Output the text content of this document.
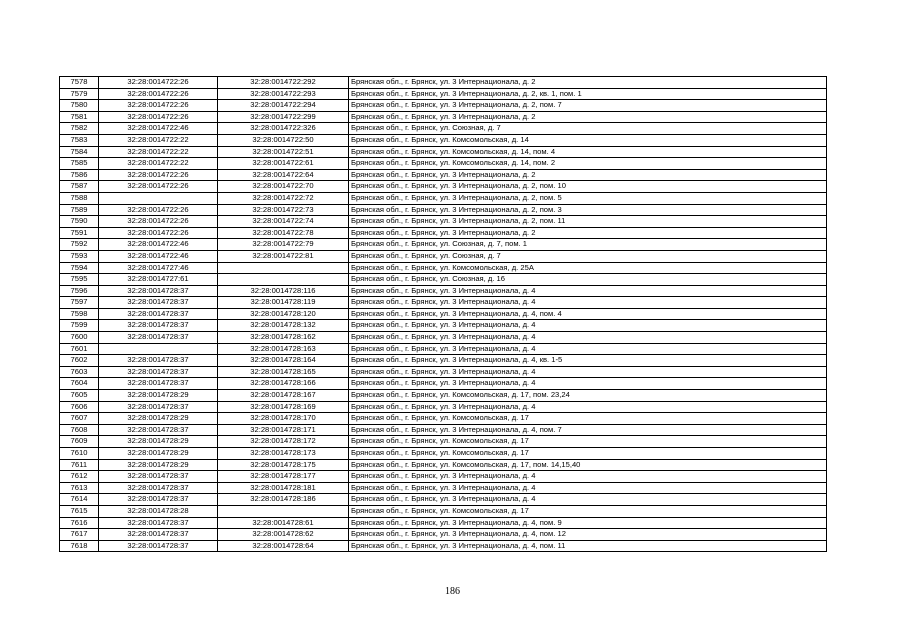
7578	32:28:0014722:26	32:28:0014722:292	Брянская обл., г. Брянск, ул. 3 Интернационала, д. 2
7579	32:28:0014722:26	32:28:0014722:293	Брянская обл., г. Брянск, ул. 3 Интернационала, д. 2, кв. 1, пом. 1
7580	32:28:0014722:26	32:28:0014722:294	Брянская обл., г. Брянск, ул. 3 Интернационала, д. 2, пом. 7
7581	32:28:0014722:26	32:28:0014722:299	Брянская обл., г. Брянск, ул. 3 Интернационала, д. 2
7582	32:28:0014722:46	32:28:0014722:326	Брянская обл., г. Брянск, ул. Союзная, д. 7
7583	32:28:0014722:22	32:28:0014722:50	Брянская обл., г. Брянск, ул. Комсомольская, д. 14
7584	32:28:0014722:22	32:28:0014722:51	Брянская обл., г. Брянск, ул. Комсомольская, д. 14, пом. 4
7585	32:28:0014722:22	32:28:0014722:61	Брянская обл., г. Брянск, ул. Комсомольская, д. 14, пом. 2
7586	32:28:0014722:26	32:28:0014722:64	Брянская обл., г. Брянск, ул. 3 Интернационала, д. 2
7587	32:28:0014722:26	32:28:0014722:70	Брянская обл., г. Брянск, ул. 3 Интернационала, д. 2, пом. 10
7588		32:28:0014722:72	Брянская обл., г. Брянск, ул. 3 Интернационала, д. 2, пом. 5
7589	32:28:0014722:26	32:28:0014722:73	Брянская обл., г. Брянск, ул. 3 Интернационала, д. 2, пом. 3
7590	32:28:0014722:26	32:28:0014722:74	Брянская обл., г. Брянск, ул. 3 Интернационала, д. 2, пом. 11
7591	32:28:0014722:26	32:28:0014722:78	Брянская обл., г. Брянск, ул. 3 Интернационала, д. 2
7592	32:28:0014722:46	32:28:0014722:79	Брянская обл., г. Брянск, ул. Союзная, д. 7, пом. 1
7593	32:28:0014722:46	32:28:0014722:81	Брянская обл., г. Брянск, ул. Союзная, д. 7
7594	32:28:0014727:46		Брянская обл., г. Брянск, ул. Комсомольская, д. 25А
7595	32:28:0014727:61		Брянская обл., г. Брянск, ул. Союзная, д. 16
7596	32:28:0014728:37	32:28:0014728:116	Брянская обл., г. Брянск, ул. 3 Интернационала, д. 4
7597	32:28:0014728:37	32:28:0014728:119	Брянская обл., г. Брянск, ул. 3 Интернационала, д. 4
7598	32:28:0014728:37	32:28:0014728:120	Брянская обл., г. Брянск, ул. 3 Интернационала, д. 4, пом. 4
7599	32:28:0014728:37	32:28:0014728:132	Брянская обл., г. Брянск, ул. 3 Интернационала, д. 4
7600	32:28:0014728:37	32:28:0014728:162	Брянская обл., г. Брянск, ул. 3 Интернационала, д. 4
7601		32:28:0014728:163	Брянская обл., г. Брянск, ул. 3 Интернационала, д. 4
7602	32:28:0014728:37	32:28:0014728:164	Брянская обл., г. Брянск, ул. 3 Интернационала, д. 4, кв. 1-5
7603	32:28:0014728:37	32:28:0014728:165	Брянская обл., г. Брянск, ул. 3 Интернационала, д. 4
7604	32:28:0014728:37	32:28:0014728:166	Брянская обл., г. Брянск, ул. 3 Интернационала, д. 4
7605	32:28:0014728:29	32:28:0014728:167	Брянская обл., г. Брянск, ул. Комсомольская, д. 17, пом. 23,24
7606	32:28:0014728:37	32:28:0014728:169	Брянская обл., г. Брянск, ул. 3 Интернационала, д. 4
7607	32:28:0014728:29	32:28:0014728:170	Брянская обл., г. Брянск, ул. Комсомольская, д. 17
7608	32:28:0014728:37	32:28:0014728:171	Брянская обл., г. Брянск, ул. 3 Интернационала, д. 4, пом. 7
7609	32:28:0014728:29	32:28:0014728:172	Брянская обл., г. Брянск, ул. Комсомольская, д. 17
7610	32:28:0014728:29	32:28:0014728:173	Брянская обл., г. Брянск, ул. Комсомольская, д. 17
7611	32:28:0014728:29	32:28:0014728:175	Брянская обл., г. Брянск, ул. Комсомольская, д. 17, пом. 14,15,40
7612	32:28:0014728:37	32:28:0014728:177	Брянская обл., г. Брянск, ул. 3 Интернационала, д. 4
7613	32:28:0014728:37	32:28:0014728:181	Брянская обл., г. Брянск, ул. 3 Интернационала, д. 4
7614	32:28:0014728:37	32:28:0014728:186	Брянская обл., г. Брянск, ул. 3 Интернационала, д. 4
7615	32:28:0014728:28		Брянская обл., г. Брянск, ул. Комсомольская, д. 17
7616	32:28:0014728:37	32:28:0014728:61	Брянская обл., г. Брянск, ул. 3 Интернационала, д. 4, пом. 9
7617	32:28:0014728:37	32:28:0014728:62	Брянская обл., г. Брянск, ул. 3 Интернационала, д. 4, пом. 12
7618	32:28:0014728:37	32:28:0014728:64	Брянская обл., г. Брянск, ул. 3 Интернационала, д. 4, пом. 11
186
